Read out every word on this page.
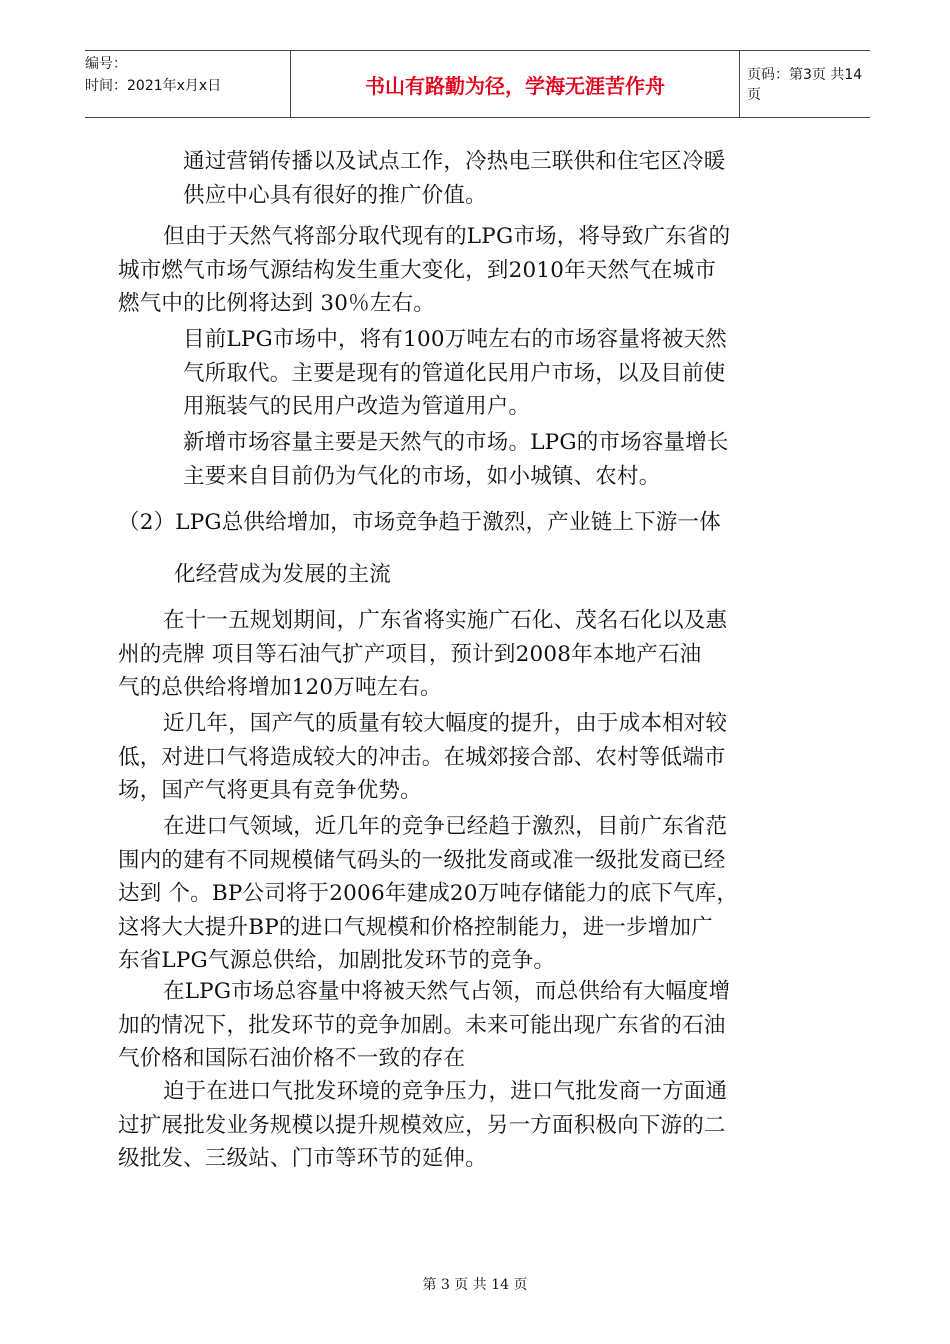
编号：
时间：2021年x月x日	书山有路勤为径，学海无涯苦作舟	页码：第3页 共14页
通过营销传播以及试点工作，冷热电三联供和住宅区冷暖
供应中心具有很好的推广价值。
但由于天然气将部分取代现有的LPG市场，将导致广东省的
城市燃气市场气源结构发生重大变化，到2010年天然气在城市
燃气中的比例将达到 30％左右。
目前LPG市场中，将有100万吨左右的市场容量将被天然
气所取代。主要是现有的管道化民用户市场，以及目前使
用瓶装气的民用户改造为管道用户。
新增市场容量主要是天然气的市场。LPG的市场容量增长
主要来自目前仍为气化的市场，如小城镇、农村。
（2）LPG总供给增加，市场竞争趋于激烈，产业链上下游一体
化经营成为发展的主流
在十一五规划期间，广东省将实施广石化、茂名石化以及惠
州的壳牌 项目等石油气扩产项目，预计到2008年本地产石油
气的总供给将增加120万吨左右。
近几年，国产气的质量有较大幅度的提升，由于成本相对较
低，对进口气将造成较大的冲击。在城郊接合部、农村等低端市
场，国产气将更具有竞争优势。
在进口气领域，近几年的竞争已经趋于激烈，目前广东省范
围内的建有不同规模储气码头的一级批发商或准一级批发商已经
达到 个。BP公司将于2006年建成20万吨存储能力的底下气库，
这将大大提升BP的进口气规模和价格控制能力，进一步增加广
东省LPG气源总供给，加剧批发环节的竞争。
在LPG市场总容量中将被天然气占领，而总供给有大幅度增
加的情况下，批发环节的竞争加剧。未来可能出现广东省的石油
气价格和国际石油价格不一致的存在
迫于在进口气批发环境的竞争压力，进口气批发商一方面通
过扩展批发业务规模以提升规模效应，另一方面积极向下游的二
级批发、三级站、门市等环节的延伸。
第 3 页 共 14 页
